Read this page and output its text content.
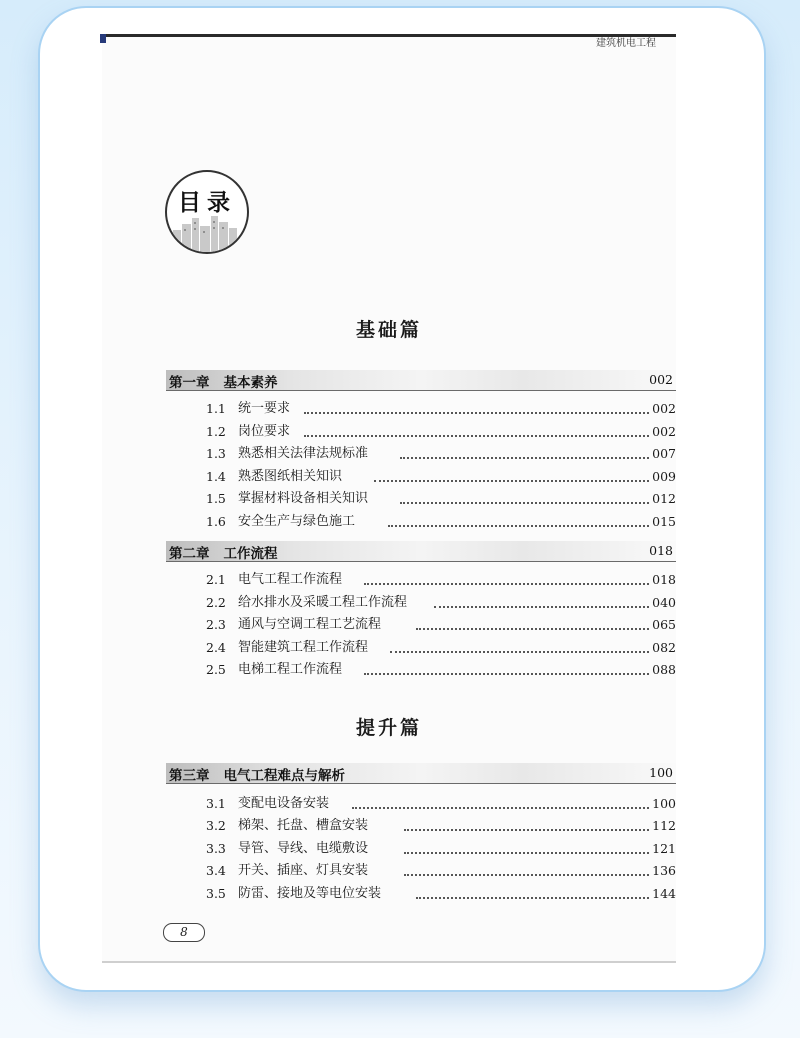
建筑机电工程
目录
基础篇
第一章 基本素养	002
1.1 统一要求	002
1.2 岗位要求	002
1.3 熟悉相关法律法规标准	007
1.4 熟悉图纸相关知识	009
1.5 掌握材料设备相关知识	012
1.6 安全生产与绿色施工	015
第二章 工作流程	018
2.1 电气工程工作流程	018
2.2 给水排水及采暖工程工作流程	040
2.3 通风与空调工程工艺流程	065
2.4 智能建筑工程工作流程	082
2.5 电梯工程工作流程	088
提升篇
第三章 电气工程难点与解析	100
3.1 变配电设备安装	100
3.2 梯架、托盘、槽盒安装	112
3.3 导管、导线、电缆敷设	121
3.4 开关、插座、灯具安装	136
3.5 防雷、接地及等电位安装	144
8
